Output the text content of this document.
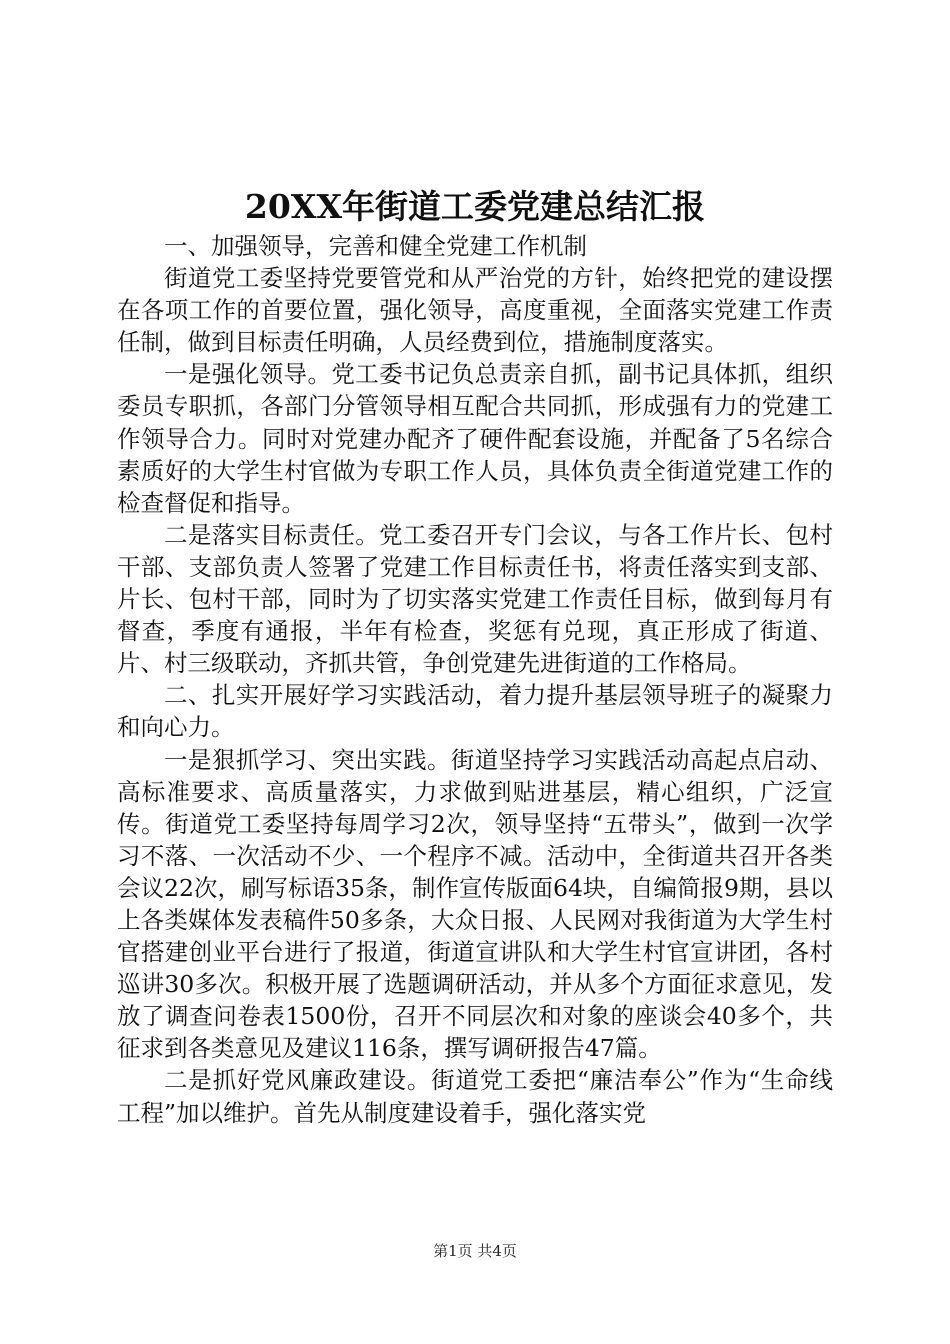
20XX年街道工委党建总结汇报

一、加强领导，完善和健全党建工作机制

街道党工委坚持党要管党和从严治党的方针，始终把党的建设摆在各项工作的首要位置，强化领导，高度重视，全面落实党建工作责任制，做到目标责任明确，人员经费到位，措施制度落实。

一是强化领导。党工委书记负总责亲自抓，副书记具体抓，组织委员专职抓，各部门分管领导相互配合共同抓，形成强有力的党建工作领导合力。同时对党建办配齐了硬件配套设施，并配备了5名综合素质好的大学生村官做为专职工作人员，具体负责全街道党建工作的检查督促和指导。

二是落实目标责任。党工委召开专门会议，与各工作片长、包村干部、支部负责人签署了党建工作目标责任书，将责任落实到支部、片长、包村干部，同时为了切实落实党建工作责任目标，做到每月有督查，季度有通报，半年有检查，奖惩有兑现，真正形成了街道、片、村三级联动，齐抓共管，争创党建先进街道的工作格局。

二、扎实开展好学习实践活动，着力提升基层领导班子的凝聚力和向心力。

一是狠抓学习、突出实践。街道坚持学习实践活动高起点启动、高标准要求、高质量落实，力求做到贴进基层，精心组织，广泛宣传。街道党工委坚持每周学习2次，领导坚持“五带头”，做到一次学习不落、一次活动不少、一个程序不减。活动中，全街道共召开各类会议22次，刷写标语35条，制作宣传版面64块，自编简报9期，县以上各类媒体发表稿件50多条，大众日报、人民网对我街道为大学生村官搭建创业平台进行了报道，街道宣讲队和大学生村官宣讲团，各村巡讲30多次。积极开展了选题调研活动，并从多个方面征求意见，发放了调查问卷表1500份，召开不同层次和对象的座谈会40多个，共征求到各类意见及建议116条，撰写调研报告47篇。

二是抓好党风廉政建设。街道党工委把“廉洁奉公”作为“生命线工程”加以维护。首先从制度建设着手，强化落实党

第1页 共4页
